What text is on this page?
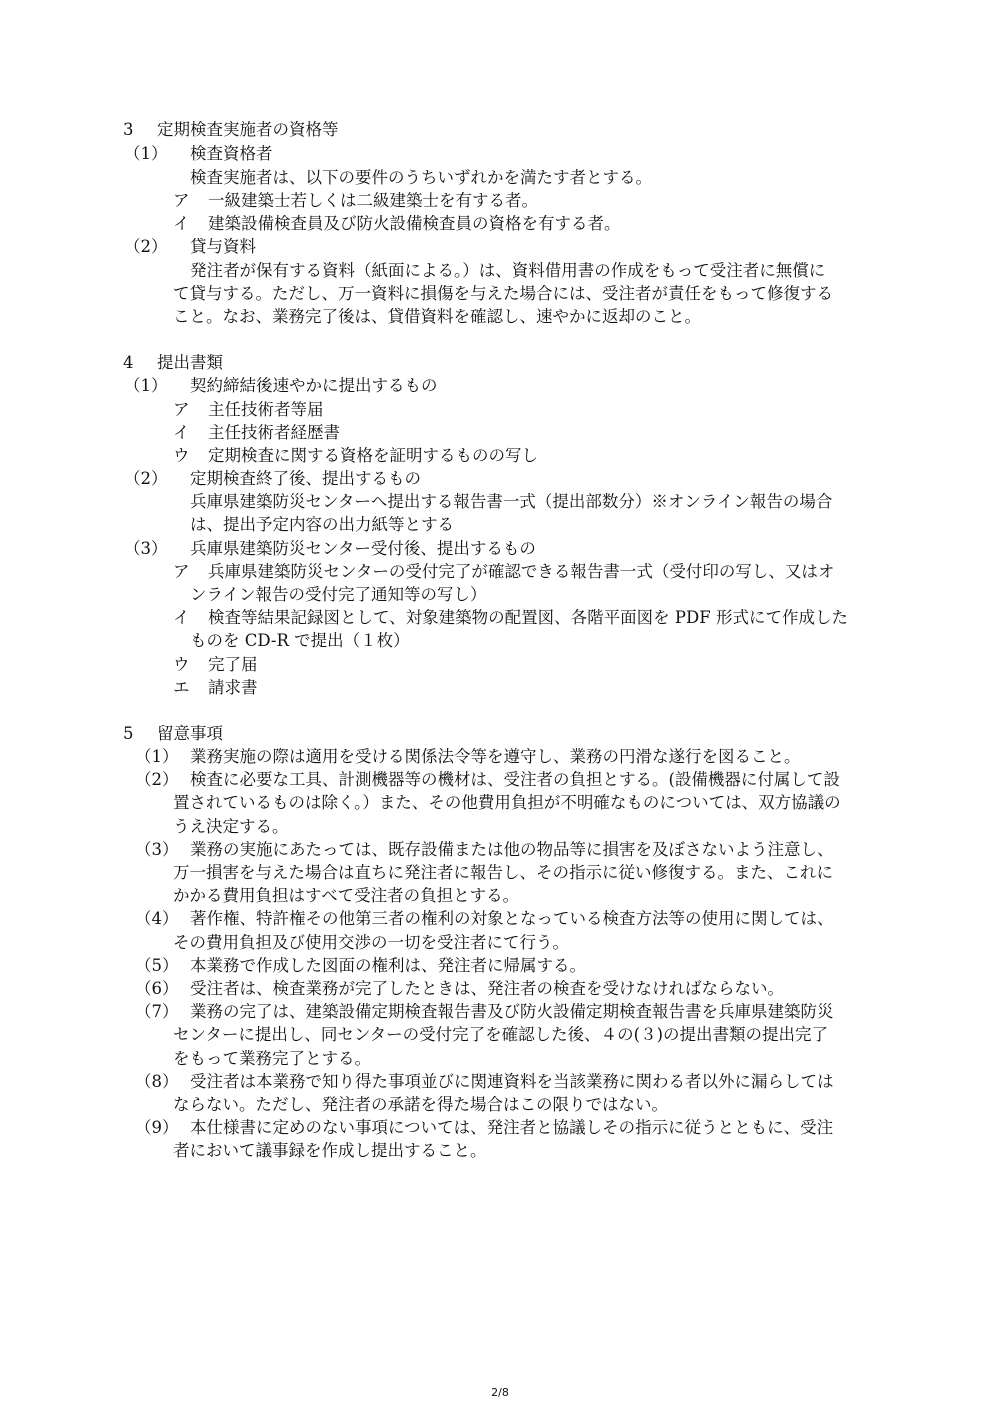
3 定期検査実施者の資格等
（1） 検査資格者
検査実施者は、以下の要件のうちいずれかを満たす者とする。
ア 一級建築士若しくは二級建築士を有する者。
イ 建築設備検査員及び防火設備検査員の資格を有する者。
（2） 貸与資料
発注者が保有する資料（紙面による。）は、資料借用書の作成をもって受注者に無償に
て貸与する。ただし、万一資料に損傷を与えた場合には、受注者が責任をもって修復する
こと。なお、業務完了後は、貸借資料を確認し、速やかに返却のこと。
4 提出書類
（1） 契約締結後速やかに提出するもの
ア 主任技術者等届
イ 主任技術者経歴書
ウ 定期検査に関する資格を証明するものの写し
（2） 定期検査終了後、提出するもの
兵庫県建築防災センターへ提出する報告書一式（提出部数分）※オンライン報告の場合
は、提出予定内容の出力紙等とする
（3） 兵庫県建築防災センター受付後、提出するもの
ア 兵庫県建築防災センターの受付完了が確認できる報告書一式（受付印の写し、又はオ
ンライン報告の受付完了通知等の写し）
イ 検査等結果記録図として、対象建築物の配置図、各階平面図を PDF 形式にて作成した
ものを CD-R で提出（１枚）
ウ 完了届
エ 請求書
5 留意事項
（1） 業務実施の際は適用を受ける関係法令等を遵守し、業務の円滑な遂行を図ること。
（2） 検査に必要な工具、計測機器等の機材は、受注者の負担とする。(設備機器に付属して設
置されているものは除く。）また、その他費用負担が不明確なものについては、双方協議の
うえ決定する。
（3） 業務の実施にあたっては、既存設備または他の物品等に損害を及ぼさないよう注意し、
万一損害を与えた場合は直ちに発注者に報告し、その指示に従い修復する。また、これに
かかる費用負担はすべて受注者の負担とする。
（4） 著作権、特許権その他第三者の権利の対象となっている検査方法等の使用に関しては、
その費用負担及び使用交渉の一切を受注者にて行う。
（5） 本業務で作成した図面の権利は、発注者に帰属する。
（6） 受注者は、検査業務が完了したときは、発注者の検査を受けなければならない。
（7） 業務の完了は、建築設備定期検査報告書及び防火設備定期検査報告書を兵庫県建築防災
センターに提出し、同センターの受付完了を確認した後、４の(３)の提出書類の提出完了
をもって業務完了とする。
（8） 受注者は本業務で知り得た事項並びに関連資料を当該業務に関わる者以外に漏らしては
ならない。ただし、発注者の承諾を得た場合はこの限りではない。
（9） 本仕様書に定めのない事項については、発注者と協議しその指示に従うとともに、受注
者において議事録を作成し提出すること。
2/8
